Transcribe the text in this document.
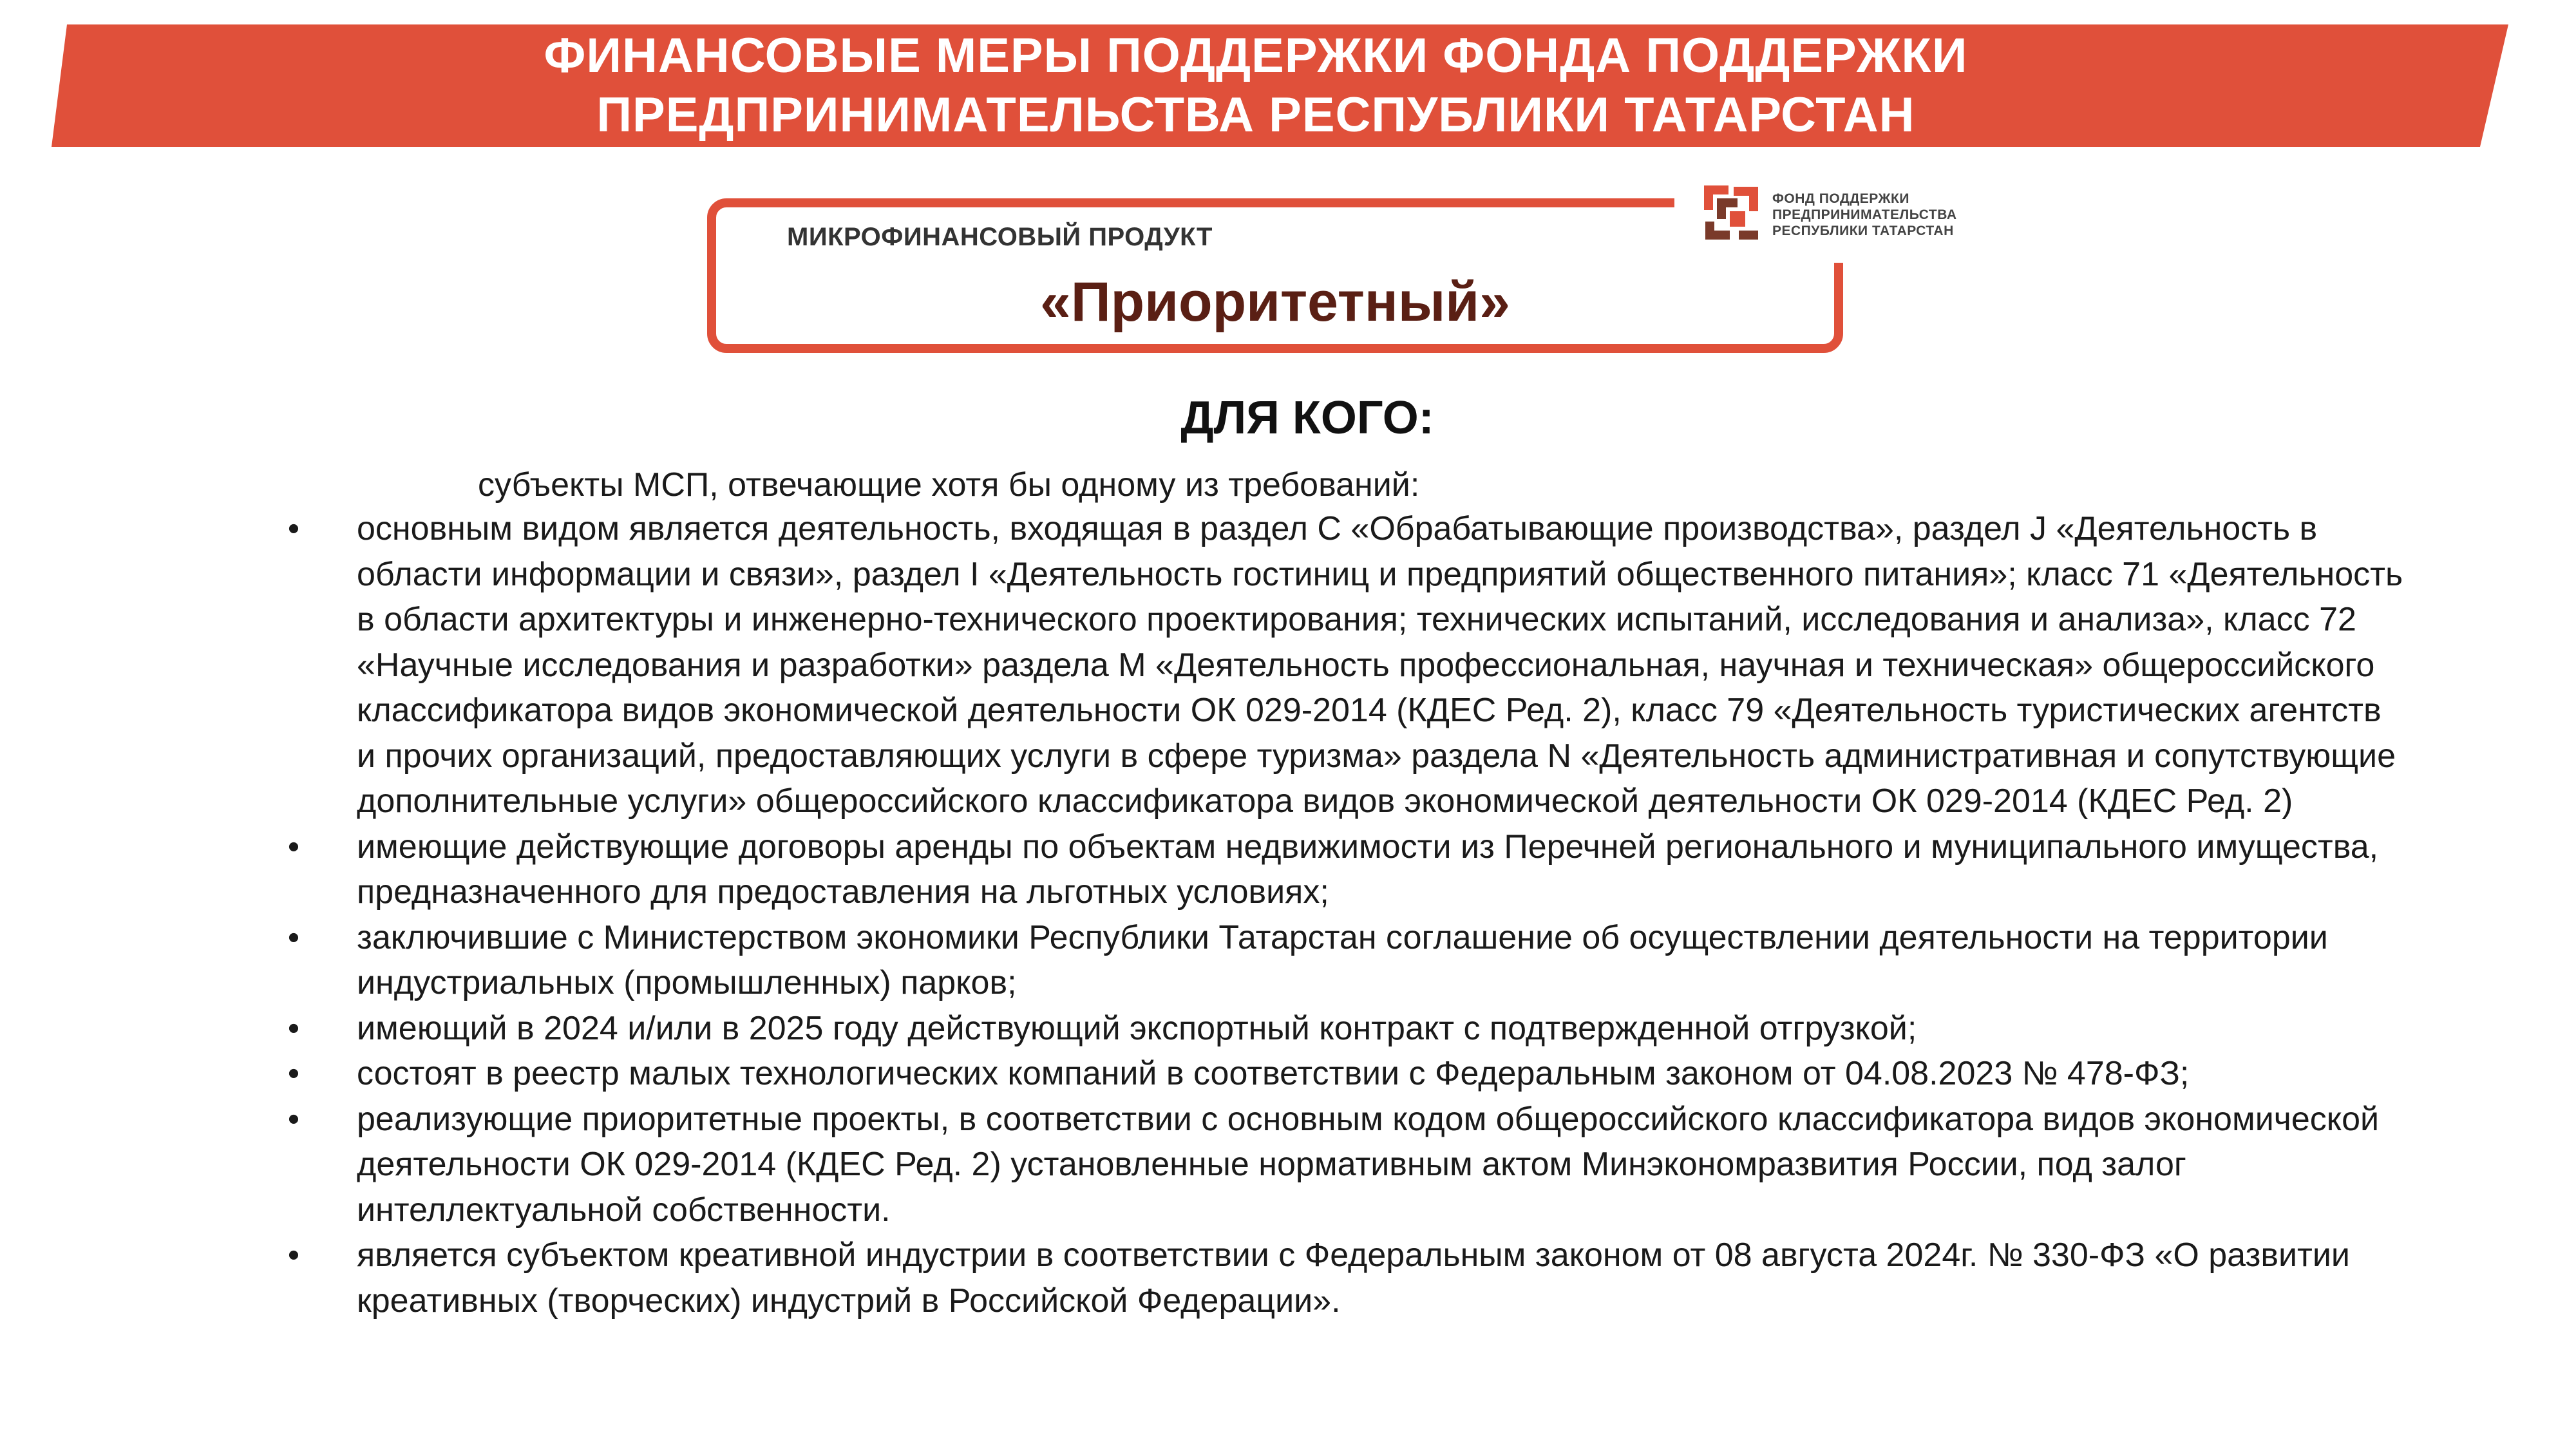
ФИНАНСОВЫЕ МЕРЫ ПОДДЕРЖКИ ФОНДА ПОДДЕРЖКИ
ПРЕДПРИНИМАТЕЛЬСТВА РЕСПУБЛИКИ ТАТАРСТАН
МИКРОФИНАНСОВЫЙ ПРОДУКТ
«Приоритетный»
ФОНД ПОДДЕРЖКИ
ПРЕДПРИНИМАТЕЛЬСТВА
РЕСПУБЛИКИ ТАТАРСТАН
ДЛЯ КОГО:
субъекты МСП, отвечающие хотя бы одному из требований:
• основным видом является деятельность, входящая в раздел С «Обрабатывающие производства», раздел J «Деятельность в области информации и связи», раздел I «Деятельность гостиниц и предприятий общественного питания»; класс 71 «Деятельность в области архитектуры и инженерно-технического проектирования; технических испытаний, исследования и анализа», класс 72 «Научные исследования и разработки» раздела М «Деятельность профессиональная, научная и техническая» общероссийского классификатора видов экономической деятельности ОК 029-2014 (КДЕС Ред. 2), класс 79 «Деятельность туристических агентств и прочих организаций, предоставляющих услуги в сфере туризма» раздела N «Деятельность административная и сопутствующие дополнительные услуги» общероссийского классификатора видов экономической деятельности ОК 029-2014 (КДЕС Ред. 2)
• имеющие действующие договоры аренды по объектам недвижимости из Перечней регионального и муниципального имущества, предназначенного для предоставления на льготных условиях;
• заключившие с Министерством экономики Республики Татарстан соглашение об осуществлении деятельности на территории индустриальных (промышленных) парков;
• имеющий в 2024 и/или в 2025 году действующий экспортный контракт с подтвержденной отгрузкой;
• состоят в реестр малых технологических компаний в соответствии с Федеральным законом от 04.08.2023 № 478-ФЗ;
• реализующие приоритетные проекты, в соответствии с основным кодом общероссийского классификатора видов экономической деятельности ОК 029-2014 (КДЕС Ред. 2) установленные нормативным актом Минэкономразвития России, под залог интеллектуальной собственности.
• является субъектом креативной индустрии в соответствии с Федеральным законом от 08 августа 2024г. № 330-ФЗ «О развитии креативных (творческих) индустрий в Российской Федерации».
